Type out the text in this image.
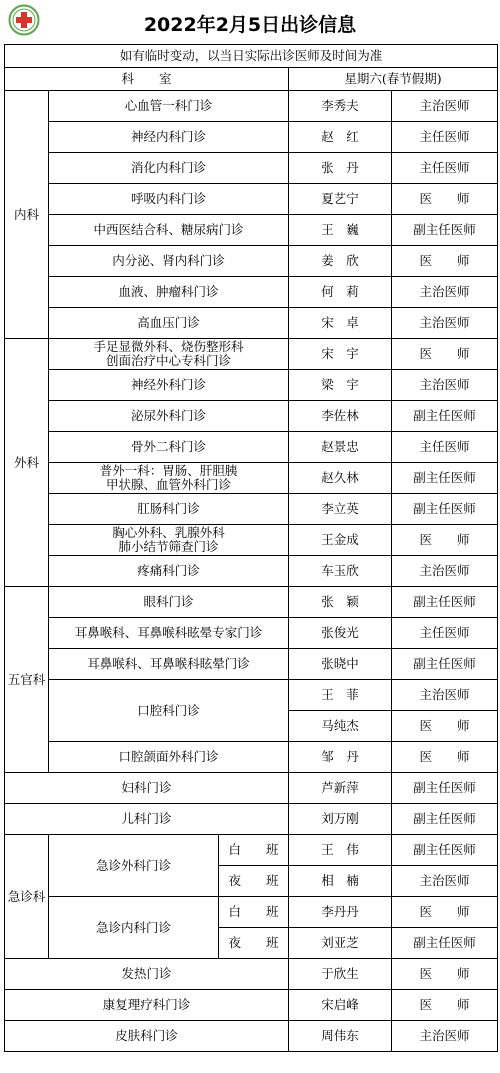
2022年2月5日出诊信息
如有临时变动，以当日实际出诊医师及时间为准				
科　　室			星期六(春节假期)	
内科	心血管一科门诊		李秀夫	主治医师
	神经内科门诊		赵　红	主任医师
	消化内科门诊		张　丹	主任医师
	呼吸内科门诊		夏艺宁	医　　师
	中西医结合科、糖尿病门诊		王　巍	副主任医师
	内分泌、肾内科门诊		姜　欣	医　　师
	血液、肿瘤科门诊		何　莉	主治医师
	高血压门诊		宋　卓	主治医师
外科	手足显微外科、烧伤整形科
创面治疗中心专科门诊		宋　宇	医　　师
	神经外科门诊		梁　宇	主治医师
	泌尿外科门诊		李佐林	副主任医师
	骨外二科门诊		赵景忠	主任医师
	普外一科：胃肠、肝胆胰
甲状腺、血管外科门诊		赵久林	副主任医师
	肛肠科门诊		李立英	副主任医师
	胸心外科、乳腺外科
肺小结节筛查门诊		王金成	医　　师
	疼痛科门诊		车玉欣	主治医师
五官科	眼科门诊		张　颖	副主任医师
	耳鼻喉科、耳鼻喉科眩晕专家门诊		张俊光	主任医师
	耳鼻喉科、耳鼻喉科眩晕门诊		张晓中	副主任医师
	口腔科门诊		王　菲	主治医师
			马纯杰	医　　师
	口腔颌面外科门诊		邹　丹	医　　师
妇科门诊			芦新萍	副主任医师
儿科门诊			刘万刚	副主任医师
急诊科	急诊外科门诊	白　　班	王　伟	副主任医师
		夜　　班	相　楠	主治医师
	急诊内科门诊	白　　班	李丹丹	医　　师
		夜　　班	刘亚芝	副主任医师
发热门诊			于欣生	医　　师
康复理疗科门诊			宋启峰	医　　师
皮肤科门诊			周伟东	主治医师
